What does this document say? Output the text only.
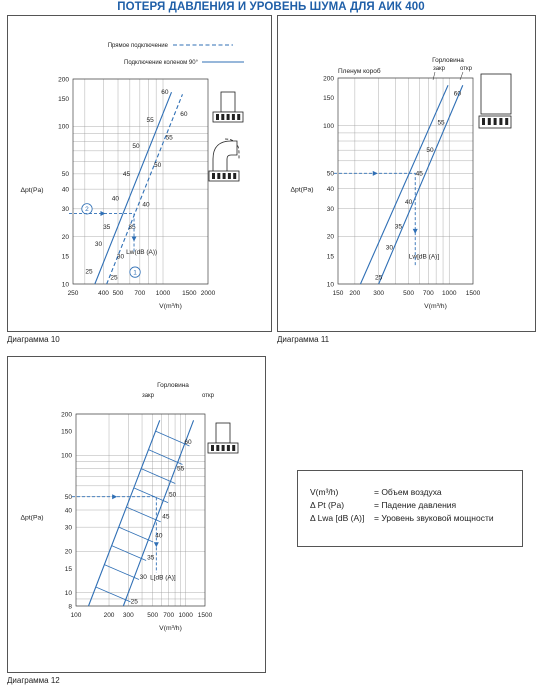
ПОТЕРЯ ДАВЛЕНИЯ И УРОВЕНЬ ШУМА ДЛЯ АИК 400
250	400 500 700 1000 1500 2000
10
15
20
30
40
50
100
150
200
V(m³/h)
Δpt(Pa)
60
55
50
45
40
35
30
25
60
55
50
40
35
30
25
Lw(dB (A))
1
2
Прямое подключение
Подключение коленом 90°
Диаграмма 10
150 200 300	500 700 1000 1500
10
15
20
30
40
50
100
150
200
V(m³/h)
Δpt(Pa)
60
55
50
45
40
35
30
25
Lw[dB (A)]
Пленум короб
Горловина
закр	откр
Диаграмма 11
100	200 300 500 700 1000 1500
8
10
15
20
30
40
50
100
150
200
V(m³/h)
Δpt(Pa)
60
55
50
45
40
35
30
25
L[dB (A)]
Горловина
закр	откр
Диаграмма 12
V(m³/h)	= Объем воздуха
Δ Pt (Pa)	= Падение давления
Δ Lwa [dB (A)] = Уровень звуковой мощности
